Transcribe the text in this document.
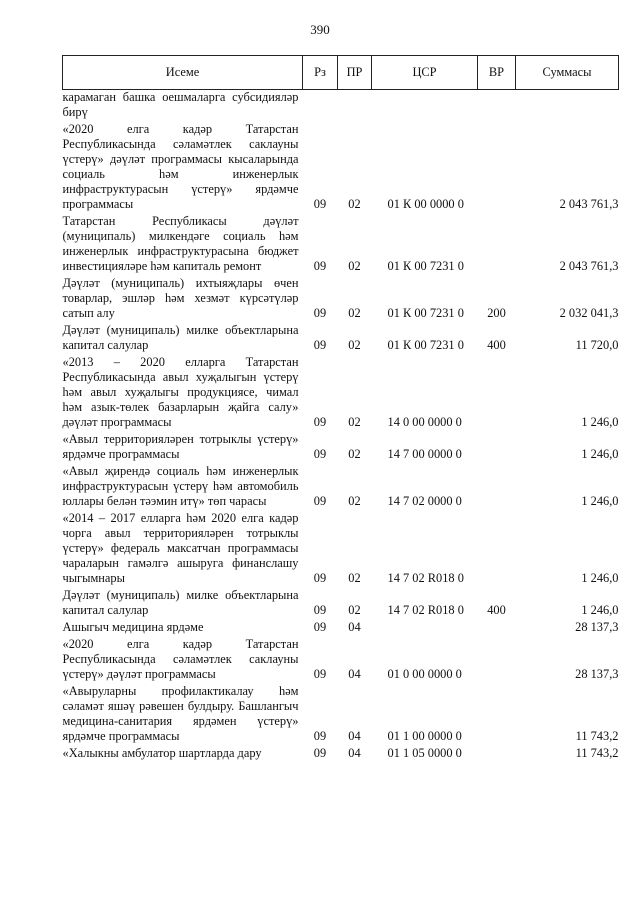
390
Исеме	Рз	ПР	ЦСР	ВР	Суммасы
карамаган башка оешмаларга субсидияләр бирү					
«2020 елга кадәр Татарстан Республикасында сәламәтлек саклауны үстерү» дәүләт программасы кысаларында социаль һәм инженерлык инфраструктурасын үстерү» ярдәмче программасы	09	02	01 К 00 0000 0		2 043 761,3
Татарстан Республикасы дәүләт (муниципаль) милкендәге социаль һәм инженерлык инфраструктурасына бюджет инвестицияләре һәм капиталь ремонт	09	02	01 К 00 7231 0		2 043 761,3
Дәүләт (муниципаль) ихтыяҗлары өчен товарлар, эшләр һәм хезмәт күрсәтүләр сатып алу	09	02	01 К 00 7231 0	200	2 032 041,3
Дәүләт (муниципаль) милке объектларына капитал салулар	09	02	01 К 00 7231 0	400	11 720,0
«2013 – 2020 елларга Татарстан Республикасында авыл хуҗалыгын үстерү һәм авыл хуҗалыгы продукциясе, чимал һәм азык-төлек базарларын җайга салу» дәүләт программасы	09	02	14 0 00 0000 0		1 246,0
«Авыл территорияләрен тотрыклы үстерү» ярдәмче программасы	09	02	14 7 00 0000 0		1 246,0
«Авыл җирендә социаль һәм инженерлык инфраструктурасын үстерү һәм автомобиль юллары белән тәэмин итү» төп чарасы	09	02	14 7 02 0000 0		1 246,0
«2014 – 2017 елларга һәм 2020 елга кадәр чорга авыл территорияләрен тотрыклы үстерү» федераль максатчан программасы чараларын гамәлгә ашыруга финанслашу чыгымнары	09	02	14 7 02 R018 0		1 246,0
Дәүләт (муниципаль) милке объектларына капитал салулар	09	02	14 7 02 R018 0	400	1 246,0
Ашыгыч медицина ярдәме	09	04			28 137,3
«2020 елга кадәр Татарстан Республикасында сәламәтлек саклауны үстерү» дәүләт программасы	09	04	01 0 00 0000 0		28 137,3
«Авыруларны профилактикалау һәм сәламәт яшәү рәвешен булдыру. Башлангыч медицина-санитария ярдәмен үстерү» ярдәмче программасы	09	04	01 1 00 0000 0		11 743,2
«Халыкны амбулатор шартларда дару	09	04	01 1 05 0000 0		11 743,2
